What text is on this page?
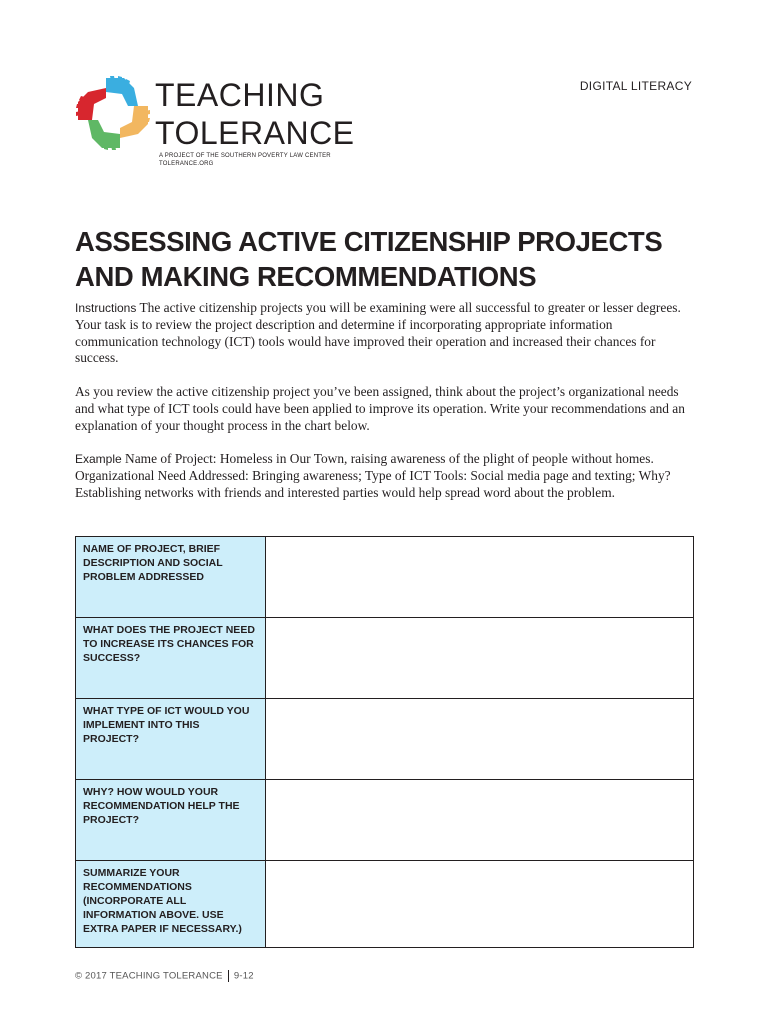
TEACHING
TOLERANCE
A PROJECT OF THE SOUTHERN POVERTY LAW CENTER
TOLERANCE.ORG
DIGITAL LITERACY
ASSESSING ACTIVE CITIZENSHIP PROJECTS
AND MAKING RECOMMENDATIONS

Instructions The active citizenship projects you will be examining were all successful to greater or lesser degrees. Your task is to review the project description and determine if incorporating appropriate information communication technology (ICT) tools would have improved their operation and increased their chances for success.

As you review the active citizenship project you’ve been assigned, think about the project’s organizational needs and what type of ICT tools could have been applied to improve its operation. Write your recommendations and an explanation of your thought process in the chart below.

Example Name of Project: Homeless in Our Town, raising awareness of the plight of people without homes. Organizational Need Addressed: Bringing awareness; Type of ICT Tools: Social media page and texting; Why? Establishing networks with friends and interested parties would help spread word about the problem.

NAME OF PROJECT, BRIEF DESCRIPTION AND SOCIAL PROBLEM ADDRESSED	
WHAT DOES THE PROJECT NEED TO INCREASE ITS CHANCES FOR SUCCESS?	
WHAT TYPE OF ICT WOULD YOU IMPLEMENT INTO THIS PROJECT?	
WHY? HOW WOULD YOUR RECOMMENDATION HELP THE PROJECT?	
SUMMARIZE YOUR RECOMMENDATIONS (INCORPORATE ALL INFORMATION ABOVE. USE EXTRA PAPER IF NECESSARY.)	
© 2017 TEACHING TOLERANCE 9-12
